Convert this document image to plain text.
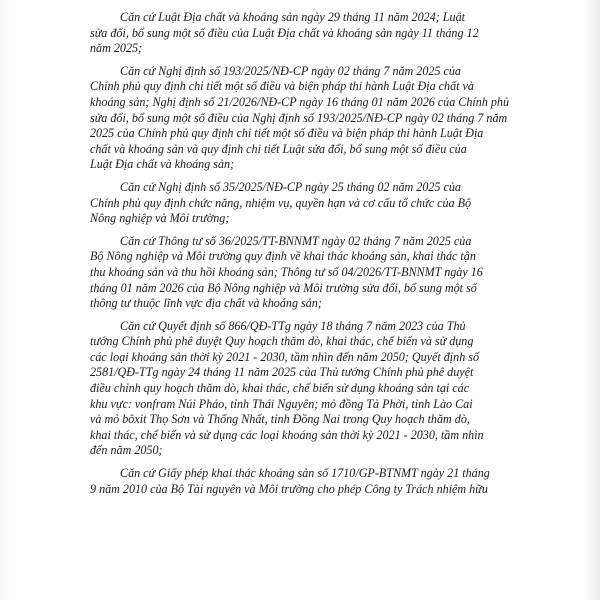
Căn cứ Luật Địa chất và khoáng sản ngày 29 tháng 11 năm 2024; Luật
sửa đổi, bổ sung một số điều của Luật Địa chất và khoáng sản ngày 11 tháng 12
năm 2025;

Căn cứ Nghị định số 193/2025/NĐ-CP ngày 02 tháng 7 năm 2025 của
Chính phủ quy định chi tiết một số điều và biện pháp thi hành Luật Địa chất và
khoáng sản; Nghị định số 21/2026/NĐ-CP ngày 16 tháng 01 năm 2026 của Chính phủ
sửa đổi, bổ sung một số điều của Nghị định số 193/2025/NĐ-CP ngày 02 tháng 7 năm
2025 của Chính phủ quy định chi tiết một số điều và biện pháp thi hành Luật Địa
chất và khoáng sản và quy định chi tiết Luật sửa đổi, bổ sung một số điều của
Luật Địa chất và khoáng sản;

Căn cứ Nghị định số 35/2025/NĐ-CP ngày 25 tháng 02 năm 2025 của
Chính phủ quy định chức năng, nhiệm vụ, quyền hạn và cơ cấu tổ chức của Bộ
Nông nghiệp và Môi trường;

Căn cứ Thông tư số 36/2025/TT-BNNMT ngày 02 tháng 7 năm 2025 của
Bộ Nông nghiệp và Môi trường quy định về khai thác khoáng sản, khai thác tận
thu khoáng sản và thu hồi khoáng sản; Thông tư số 04/2026/TT-BNNMT ngày 16
tháng 01 năm 2026 của Bộ Nông nghiệp và Môi trường sửa đổi, bổ sung một số
thông tư thuộc lĩnh vực địa chất và khoáng sản;

Căn cứ Quyết định số 866/QĐ-TTg ngày 18 tháng 7 năm 2023 của Thủ
tướng Chính phủ phê duyệt Quy hoạch thăm dò, khai thác, chế biến và sử dụng
các loại khoáng sản thời kỳ 2021 - 2030, tầm nhìn đến năm 2050; Quyết định số
2581/QĐ-TTg ngày 24 tháng 11 năm 2025 của Thủ tướng Chính phủ phê duyệt
điều chỉnh quy hoạch thăm dò, khai thác, chế biến sử dụng khoáng sản tại các
khu vực: vonfram Núi Pháo, tỉnh Thái Nguyên; mỏ đồng Tả Phời, tỉnh Lào Cai
và mỏ bôxit Thọ Sơn và Thống Nhất, tỉnh Đồng Nai trong Quy hoạch thăm dò,
khai thác, chế biến và sử dụng các loại khoáng sản thời kỳ 2021 - 2030, tầm nhìn
đến năm 2050;

Căn cứ Giấy phép khai thác khoáng sản số 1710/GP-BTNMT ngày 21 tháng
9 năm 2010 của Bộ Tài nguyên và Môi trường cho phép Công ty Trách nhiệm hữu
